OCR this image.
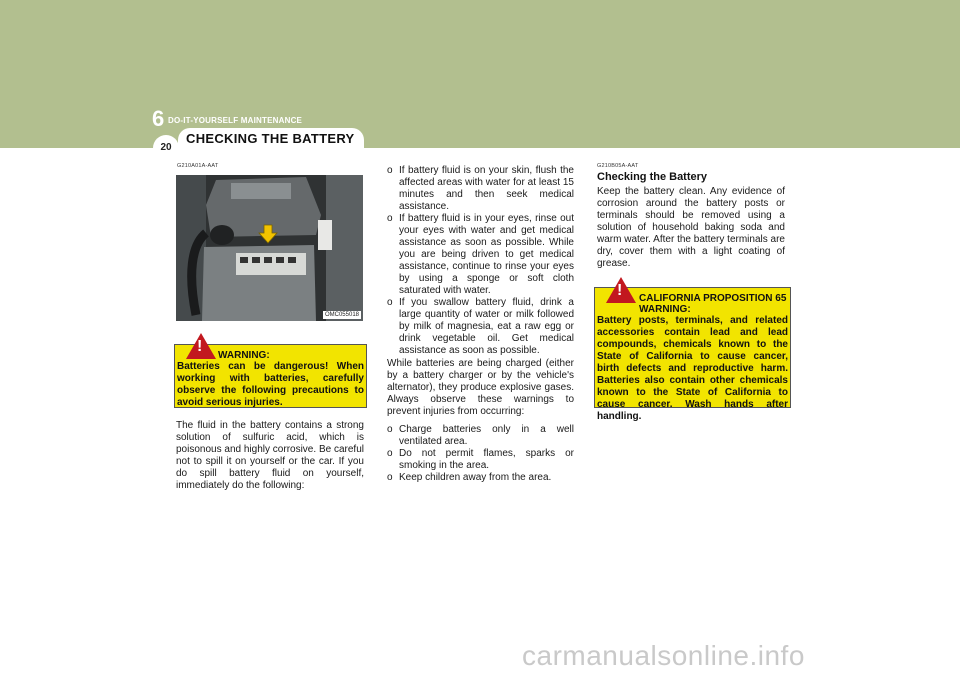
6 DO-IT-YOURSELF MAINTENANCE
20
CHECKING THE BATTERY
G210A01A-AAT
OMC055018
!
WARNING:
Batteries can be dangerous! When working with batteries, carefully observe the following precautions to avoid serious injuries.
The fluid in the battery contains a strong solution of sulfuric acid, which is poisonous and highly corrosive. Be careful not to spill it on yourself or the car. If you do spill battery fluid on yourself, immediately do the following:
o If battery fluid is on your skin, flush the affected areas with water for at least 15 minutes and then seek medical assistance.
o If battery fluid is in your eyes, rinse out your eyes with water and get medical assistance as soon as possible. While you are being driven to get medical assistance, continue to rinse your eyes by using a sponge or soft cloth saturated with water.
o If you swallow battery fluid, drink a large quantity of water or milk followed by milk of magnesia, eat a raw egg or drink vegetable oil. Get medical assistance as soon as possible.
While batteries are being charged (either by a battery charger or by the vehicle's alternator), they produce explosive gases. Always observe these warnings to prevent injuries from occurring:
o Charge batteries only in a well ventilated area.
o Do not permit flames, sparks or smoking in the area.
o Keep children away from the area.
G210B05A-AAT
Checking the Battery
Keep the battery clean. Any evidence of corrosion around the battery posts or terminals should be removed using a solution of household baking soda and warm water. After the battery terminals are dry, cover them with a light coating of grease.
! CALIFORNIA PROPOSITION 65
WARNING:
Battery posts, terminals, and related accessories contain lead and lead compounds, chemicals known to the State of California to cause cancer, birth defects and reproductive harm. Batteries also contain other chemicals known to the State of California to cause cancer. Wash hands after handling.
carmanualsonline.info
